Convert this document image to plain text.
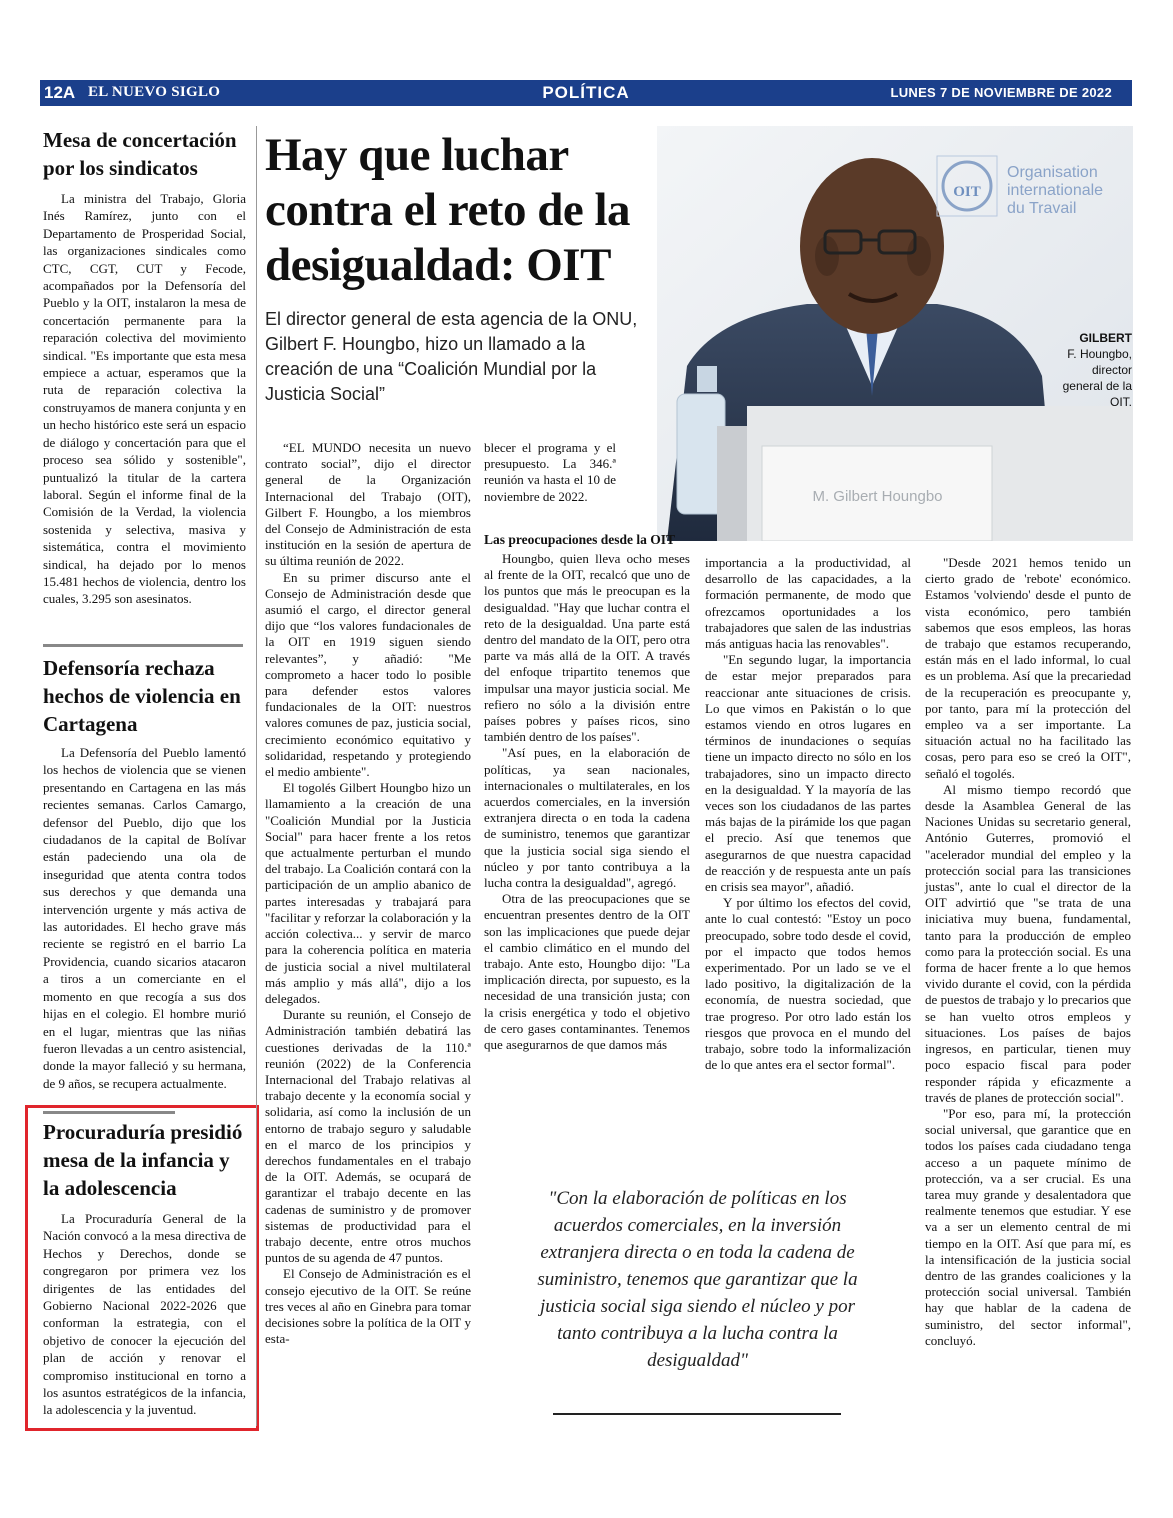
12A EL NUEVO SIGLO	POLÍTICA	LUNES 7 DE NOVIEMBRE DE 2022
Mesa de concertación por los sindicatos

La ministra del Trabajo, Gloria Inés Ramírez, junto con el Departamento de Prosperidad Social, las organizaciones sindicales como CTC, CGT, CUT y Fecode, acompañados por la Defensoría del Pueblo y la OIT, instalaron la mesa de concertación permanente para la reparación colectiva del movimiento sindical. "Es importante que esta mesa empiece a actuar, esperamos que la ruta de reparación colectiva la construyamos de manera conjunta y en un hecho histórico este será un espacio de diálogo y concertación para que el proceso sea sólido y sostenible", puntualizó la titular de la cartera laboral. Según el informe final de la Comisión de la Verdad, la violencia sostenida y selectiva, masiva y sistemática, contra el movimiento sindical, ha dejado por lo menos 15.481 hechos de violencia, dentro los cuales, 3.295 son asesinatos.

Defensoría rechaza hechos de violencia en Cartagena

La Defensoría del Pueblo lamentó los hechos de violencia que se vienen presentando en Cartagena en las más recientes semanas. Carlos Camargo, defensor del Pueblo, dijo que los ciudadanos de la capital de Bolívar están padeciendo una ola de inseguridad que atenta contra todos sus derechos y que demanda una intervención urgente y más activa de las autoridades. El hecho grave más reciente se registró en el barrio La Providencia, cuando sicarios atacaron a tiros a un comerciante en el momento en que recogía a sus dos hijas en el colegio. El hombre murió en el lugar, mientras que las niñas fueron llevadas a un centro asistencial, donde la mayor falleció y su hermana, de 9 años, se recupera actualmente.

Procuraduría presidió mesa de la infancia y la adolescencia

La Procuraduría General de la Nación convocó a la mesa directiva de Hechos y Derechos, donde se congregaron por primera vez los dirigentes de las entidades del Gobierno Nacional 2022-2026 que conforman la estrategia, con el objetivo de conocer la ejecución del plan de acción y renovar el compromiso institucional en torno a los asuntos estratégicos de la infancia, la adolescencia y la juventud.

Hay que luchar contra el reto de la desigualdad: OIT

El director general de esta agencia de la ONU, Gilbert F. Houngbo, hizo un llamado a la creación de una “Coalición Mundial por la Justicia Social”

OIT
Organisation
internationale
du Travail
M. Gilbert Houngbo
GILBERT
F. Houngbo, director general de la OIT.

“EL MUNDO necesita un nuevo contrato social”, dijo el director general de la Organización Internacional del Trabajo (OIT), Gilbert F. Houngbo, a los miembros del Consejo de Administración de esta institución en la sesión de apertura de su última reunión de 2022.

En su primer discurso ante el Consejo de Administración desde que asumió el cargo, el director general dijo que “los valores fundacionales de la OIT en 1919 siguen siendo relevantes”, y añadió: "Me comprometo a hacer todo lo posible para defender estos valores fundacionales de la OIT: nuestros valores comunes de paz, justicia social, crecimiento económico equitativo y solidaridad, respetando y protegiendo el medio ambiente".

El togolés Gilbert Houngbo hizo un llamamiento a la creación de una "Coalición Mundial por la Justicia Social" para hacer frente a los retos que actualmente perturban el mundo del trabajo. La Coalición contará con la participación de un amplio abanico de partes interesadas y trabajará para "facilitar y reforzar la colaboración y la acción colectiva... y servir de marco para la coherencia política en materia de justicia social a nivel multilateral más amplio y más allá", dijo a los delegados.

Durante su reunión, el Consejo de Administración también debatirá las cuestiones derivadas de la 110.ª reunión (2022) de la Conferencia Internacional del Trabajo relativas al trabajo decente y la economía social y solidaria, así como la inclusión de un entorno de trabajo seguro y saludable en el marco de los principios y derechos fundamentales en el trabajo de la OIT. Además, se ocupará de garantizar el trabajo decente en las cadenas de suministro y de promover sistemas de productividad para el trabajo decente, entre otros muchos puntos de su agenda de 47 puntos.

El Consejo de Administración es el consejo ejecutivo de la OIT. Se reúne tres veces al año en Ginebra para tomar decisiones sobre la política de la OIT y esta-

blecer el programa y el presupuesto. La 346.ª reunión va hasta el 10 de noviembre de 2022.

Las preocupaciones desde la OIT

Houngbo, quien lleva ocho meses al frente de la OIT, recalcó que uno de los puntos que más le preocupan es la desigualdad. "Hay que luchar contra el reto de la desigualdad. Una parte está dentro del mandato de la OIT, pero otra parte va más allá de la OIT. A través del enfoque tripartito tenemos que impulsar una mayor justicia social. Me refiero no sólo a la división entre países pobres y países ricos, sino también dentro de los países".

"Así pues, en la elaboración de políticas, ya sean nacionales, internacionales o multilaterales, en los acuerdos comerciales, en la inversión extranjera directa o en toda la cadena de suministro, tenemos que garantizar que la justicia social siga siendo el núcleo y por tanto contribuya a la lucha contra la desigualdad", agregó.

Otra de las preocupaciones que se encuentran presentes dentro de la OIT son las implicaciones que puede dejar el cambio climático en el mundo del trabajo. Ante esto, Houngbo dijo: "La implicación directa, por supuesto, es la necesidad de una transición justa; con la crisis energética y todo el objetivo de cero gases contaminantes. Tenemos que asegurarnos de que damos más

importancia a la productividad, al desarrollo de las capacidades, a la formación permanente, de modo que ofrezcamos oportunidades a los trabajadores que salen de las industrias más antiguas hacia las renovables".

"En segundo lugar, la importancia de estar mejor preparados para reaccionar ante situaciones de crisis. Lo que vimos en Pakistán o lo que estamos viendo en otros lugares en términos de inundaciones o sequías tiene un impacto directo no sólo en los trabajadores, sino un impacto directo en la desigualdad. Y la mayoría de las veces son los ciudadanos de las partes más bajas de la pirámide los que pagan el precio. Así que tenemos que asegurarnos de que nuestra capacidad de reacción y de respuesta ante un país en crisis sea mayor", añadió.

Y por último los efectos del covid, ante lo cual contestó: "Estoy un poco preocupado, sobre todo desde el covid, por el impacto que todos hemos experimentado. Por un lado se ve el lado positivo, la digitalización de la economía, de nuestra sociedad, que trae progreso. Por otro lado están los riesgos que provoca en el mundo del trabajo, sobre todo la informalización de lo que antes era el sector formal".

"Desde 2021 hemos tenido un cierto grado de 'rebote' económico. Estamos 'volviendo' desde el punto de vista económico, pero también sabemos que esos empleos, las horas de trabajo que estamos recuperando, están más en el lado informal, lo cual es un problema. Así que la precariedad de la recuperación es preocupante y, por tanto, para mí la protección del empleo va a ser importante. La situación actual no ha facilitado las cosas, pero para eso se creó la OIT", señaló el togolés.

Al mismo tiempo recordó que desde la Asamblea General de las Naciones Unidas su secretario general, António Guterres, promovió el "acelerador mundial del empleo y la protección social para las transiciones justas", ante lo cual el director de la OIT advirtió que "se trata de una iniciativa muy buena, fundamental, tanto para la producción de empleo como para la protección social. Es una forma de hacer frente a lo que hemos vivido durante el covid, con la pérdida de puestos de trabajo y lo precarios que se han vuelto otros empleos y situaciones. Los países de bajos ingresos, en particular, tienen muy poco espacio fiscal para poder responder rápida y eficazmente a través de planes de protección social".

"Por eso, para mí, la protección social universal, que garantice que en todos los países cada ciudadano tenga acceso a un paquete mínimo de protección, va a ser crucial. Es una tarea muy grande y desalentadora que realmente tenemos que estudiar. Y ese va a ser un elemento central de mi tiempo en la OIT. Así que para mí, es la intensificación de la justicia social dentro de las grandes coaliciones y la protección social universal. También hay que hablar de la cadena de suministro, del sector informal", concluyó.

"Con la elaboración de políticas en los acuerdos comerciales, en la inversión extranjera directa o en toda la cadena de suministro, tenemos que garantizar que la justicia social siga siendo el núcleo y por tanto contribuya a la lucha contra la desigualdad"
